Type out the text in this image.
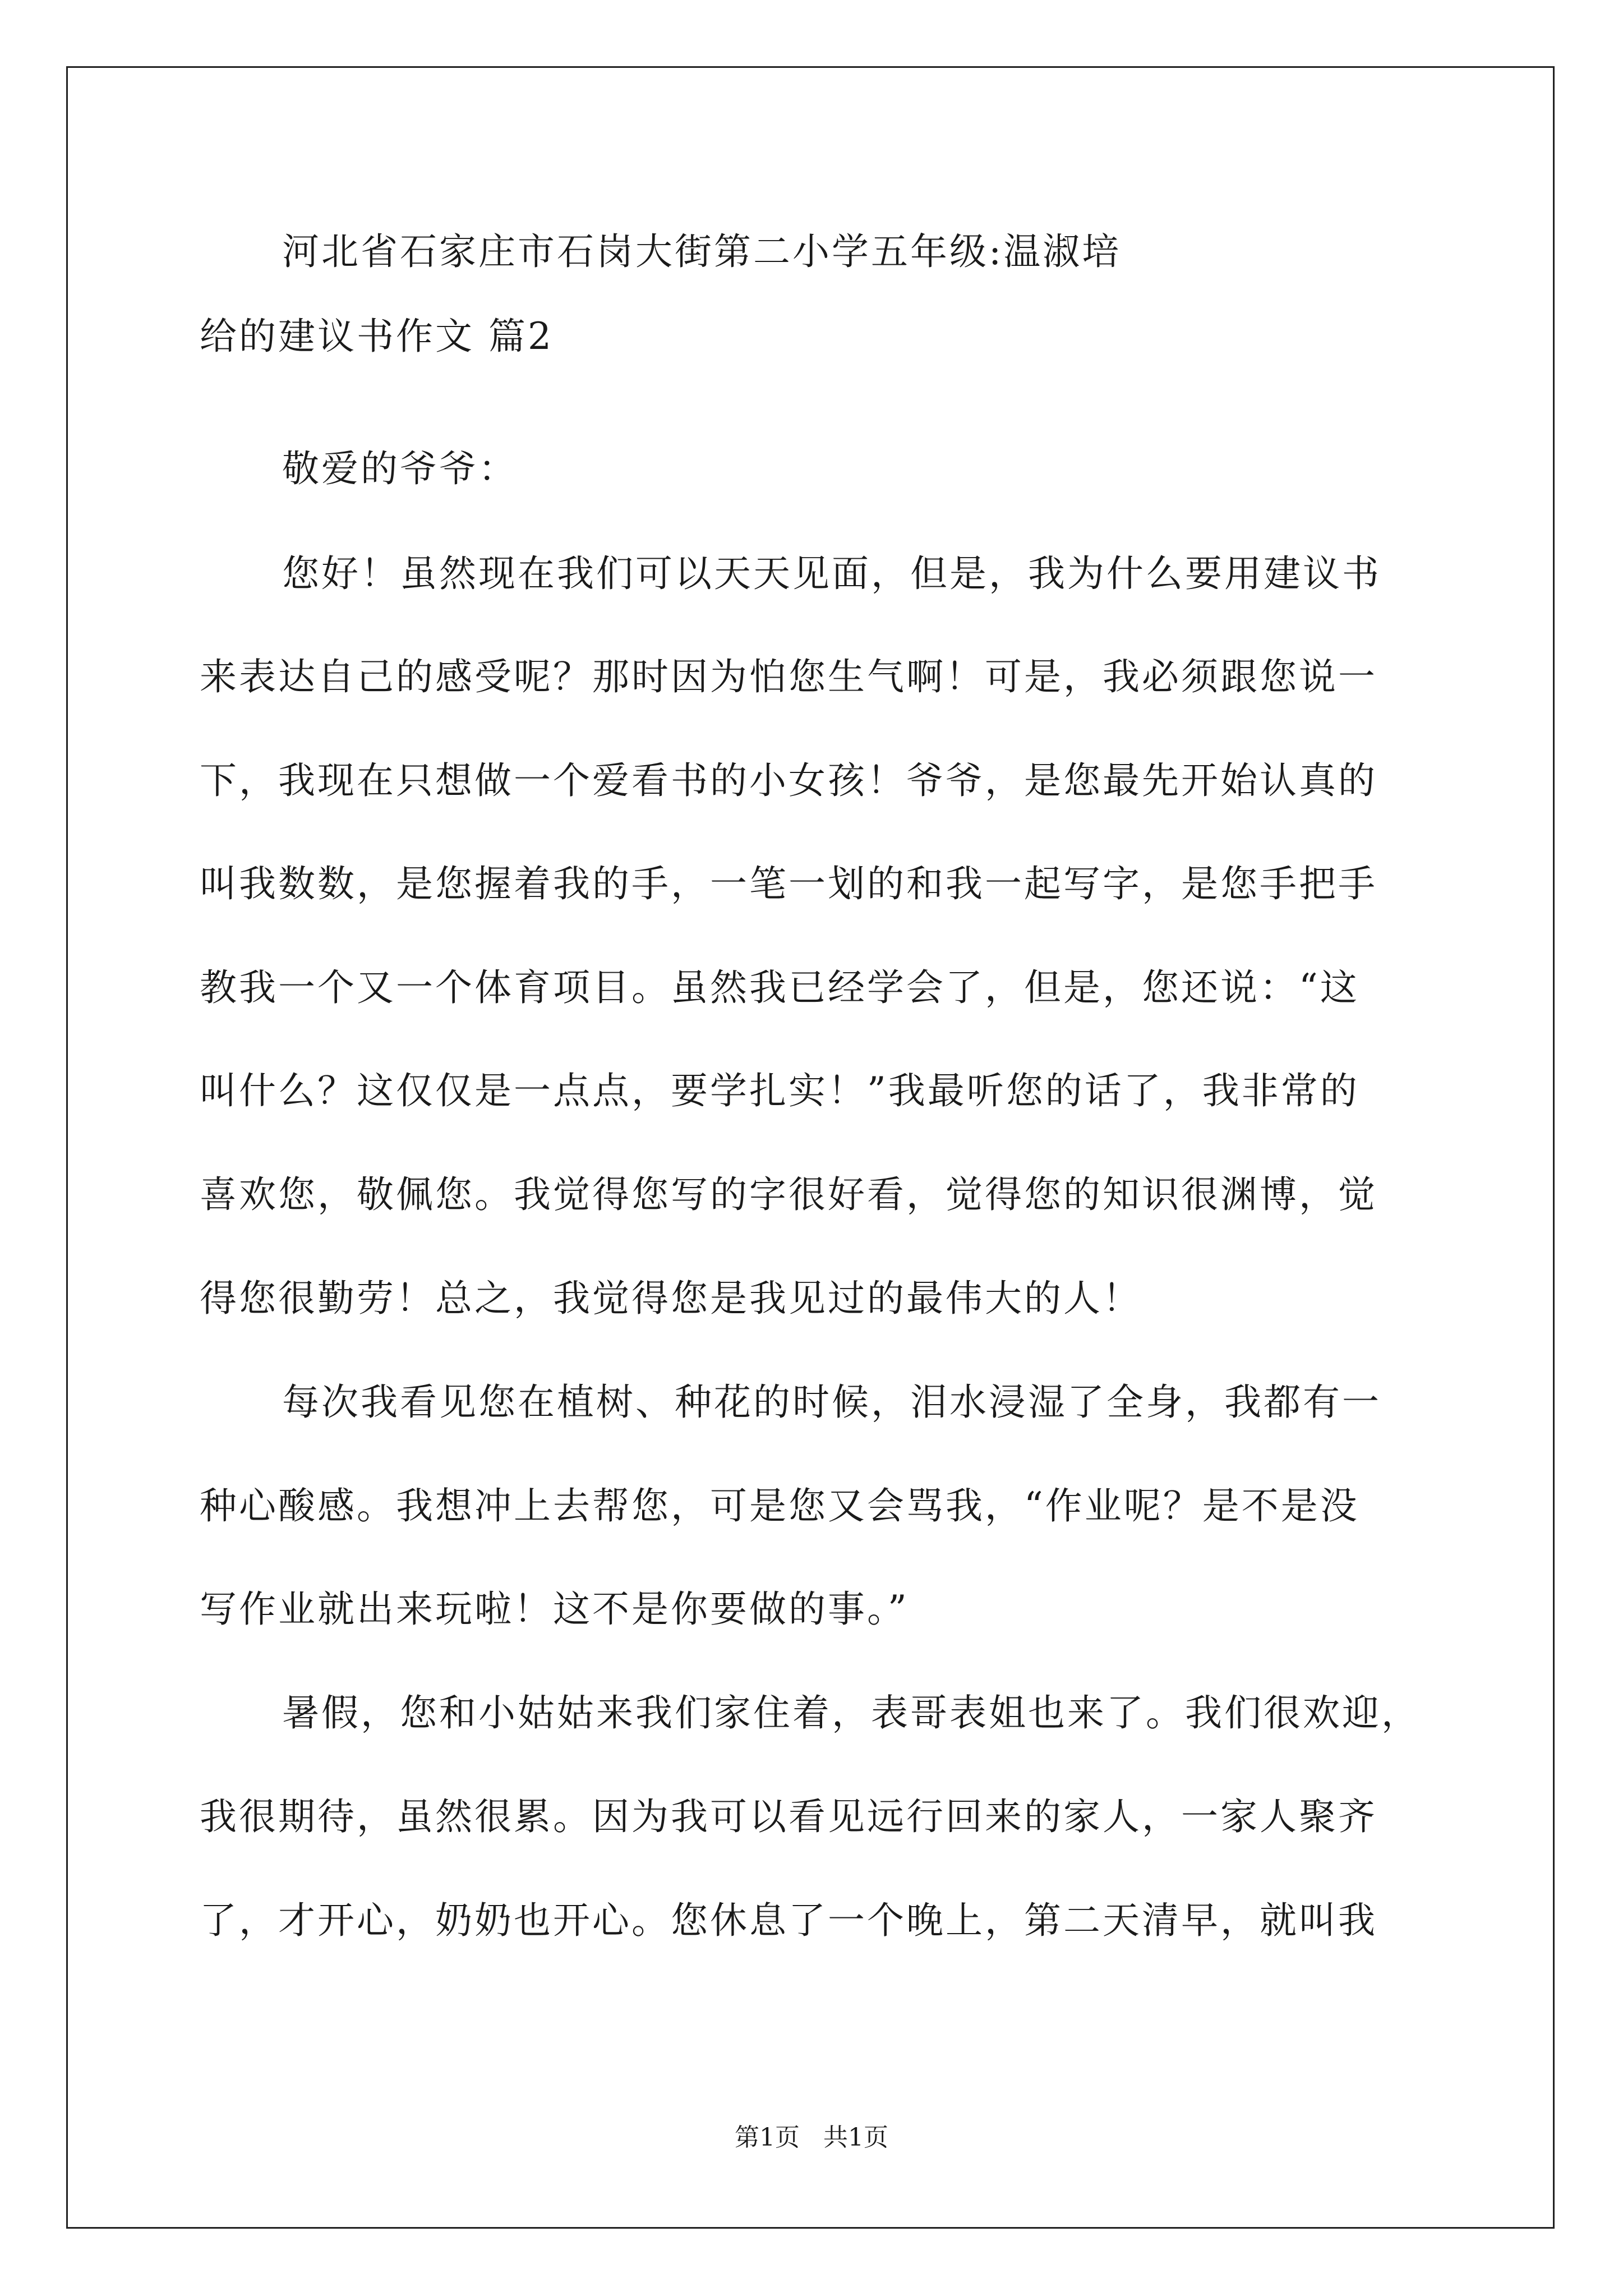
河北省石家庄市石岗大街第二小学五年级:温淑培
给的建议书作文 篇2
敬爱的爷爷：
您好！虽然现在我们可以天天见面，但是，我为什么要用建议书
来表达自己的感受呢？那时因为怕您生气啊！可是，我必须跟您说一
下，我现在只想做一个爱看书的小女孩！爷爷，是您最先开始认真的
叫我数数，是您握着我的手，一笔一划的和我一起写字，是您手把手
教我一个又一个体育项目。虽然我已经学会了，但是，您还说：“这
叫什么？这仅仅是一点点，要学扎实！”我最听您的话了，我非常的
喜欢您，敬佩您。我觉得您写的字很好看，觉得您的知识很渊博，觉
得您很勤劳！总之，我觉得您是我见过的最伟大的人！
每次我看见您在植树、种花的时候，泪水浸湿了全身，我都有一
种心酸感。我想冲上去帮您，可是您又会骂我，“作业呢？是不是没
写作业就出来玩啦！这不是你要做的事。”
暑假，您和小姑姑来我们家住着，表哥表姐也来了。我们很欢迎，
我很期待，虽然很累。因为我可以看见远行回来的家人，一家人聚齐
了，才开心，奶奶也开心。您休息了一个晚上，第二天清早，就叫我
第1页   共1页
